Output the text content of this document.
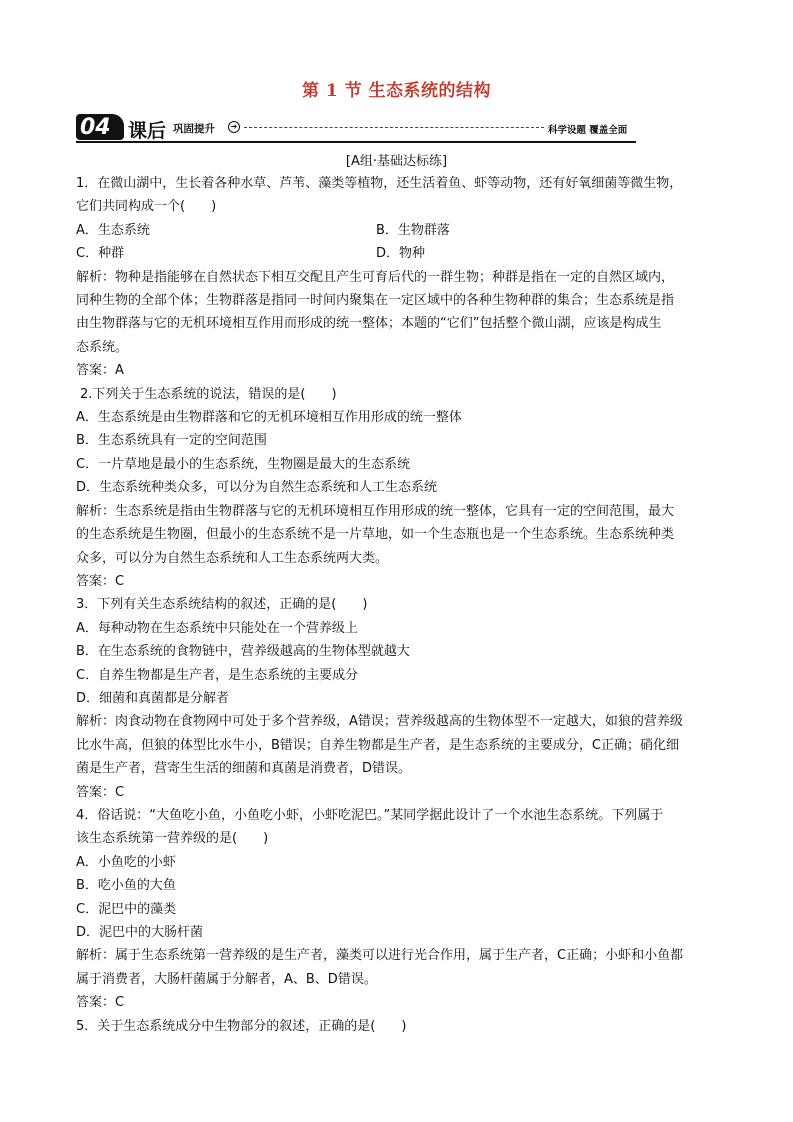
第 1 节 生态系统的结构
04 课后 巩固提升	➔	科学设题 覆盖全面
[A组·基础达标练]
1．在微山湖中，生长着各种水草、芦苇、藻类等植物，还生活着鱼、虾等动物，还有好氧细菌等微生物，
它们共同构成一个(　　)
A．生态系统	B．生物群落
C．种群	D．物种
解析：物种是指能够在自然状态下相互交配且产生可育后代的一群生物；种群是指在一定的自然区域内，
同种生物的全部个体；生物群落是指同一时间内聚集在一定区域中的各种生物种群的集合；生态系统是指
由生物群落与它的无机环境相互作用而形成的统一整体；本题的“它们”包括整个微山湖，应该是构成生
态系统。
答案：A
2.下列关于生态系统的说法，错误的是(　　)
A．生态系统是由生物群落和它的无机环境相互作用形成的统一整体
B．生态系统具有一定的空间范围
C．一片草地是最小的生态系统，生物圈是最大的生态系统
D．生态系统种类众多，可以分为自然生态系统和人工生态系统
解析：生态系统是指由生物群落与它的无机环境相互作用形成的统一整体，它具有一定的空间范围，最大
的生态系统是生物圈，但最小的生态系统不是一片草地，如一个生态瓶也是一个生态系统。生态系统种类
众多，可以分为自然生态系统和人工生态系统两大类。
答案：C
3．下列有关生态系统结构的叙述，正确的是(　　)
A．每种动物在生态系统中只能处在一个营养级上
B．在生态系统的食物链中，营养级越高的生物体型就越大
C．自养生物都是生产者，是生态系统的主要成分
D．细菌和真菌都是分解者
解析：肉食动物在食物网中可处于多个营养级，A错误；营养级越高的生物体型不一定越大，如狼的营养级
比水牛高，但狼的体型比水牛小，B错误；自养生物都是生产者，是生态系统的主要成分，C正确；硝化细
菌是生产者，营寄生生活的细菌和真菌是消费者，D错误。
答案：C
4．俗话说：“大鱼吃小鱼，小鱼吃小虾，小虾吃泥巴。”某同学据此设计了一个水池生态系统。下列属于
该生态系统第一营养级的是(　　)
A．小鱼吃的小虾
B．吃小鱼的大鱼
C．泥巴中的藻类
D．泥巴中的大肠杆菌
解析：属于生态系统第一营养级的是生产者，藻类可以进行光合作用，属于生产者，C正确；小虾和小鱼都
属于消费者，大肠杆菌属于分解者，A、B、D错误。
答案：C
5．关于生态系统成分中生物部分的叙述，正确的是(　　)
